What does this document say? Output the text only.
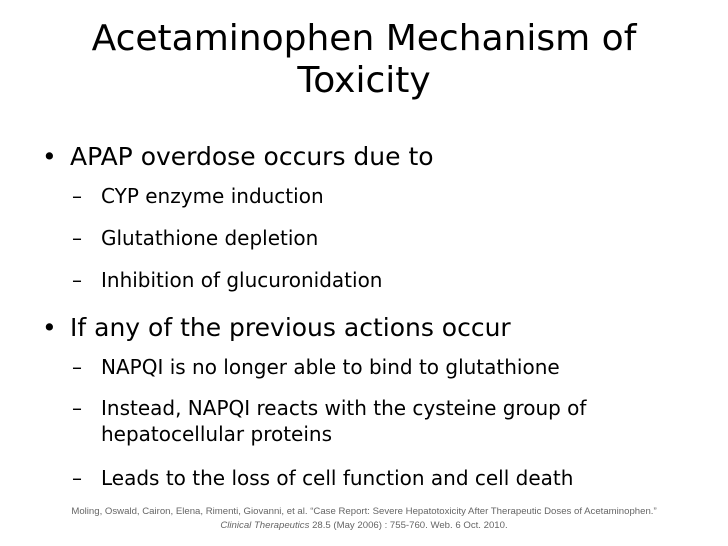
Acetaminophen Mechanism of
Toxicity
• APAP overdose occurs due to
– CYP enzyme induction
– Glutathione depletion
– Inhibition of glucuronidation
• If any of the previous actions occur
– NAPQI is no longer able to bind to glutathione
– Instead, NAPQI reacts with the cysteine group of hepatocellular proteins
– Leads to the loss of cell function and cell death
Moling, Oswald, Cairon, Elena, Rimenti, Giovanni, et al. “Case Report: Severe Hepatotoxicity After Therapeutic Doses of Acetaminophen.”
Clinical Therapeutics 28.5 (May 2006) : 755-760. Web. 6 Oct. 2010.
